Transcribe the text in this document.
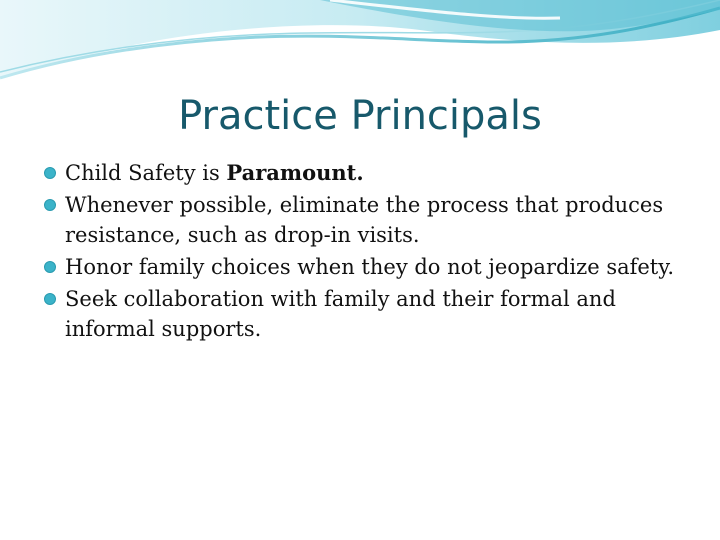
Practice Principals
Child Safety is Paramount.
Whenever possible, eliminate the process that produces resistance, such as drop-in visits.
Honor family choices when they do not jeopardize safety.
Seek collaboration with family and their formal and informal supports.
